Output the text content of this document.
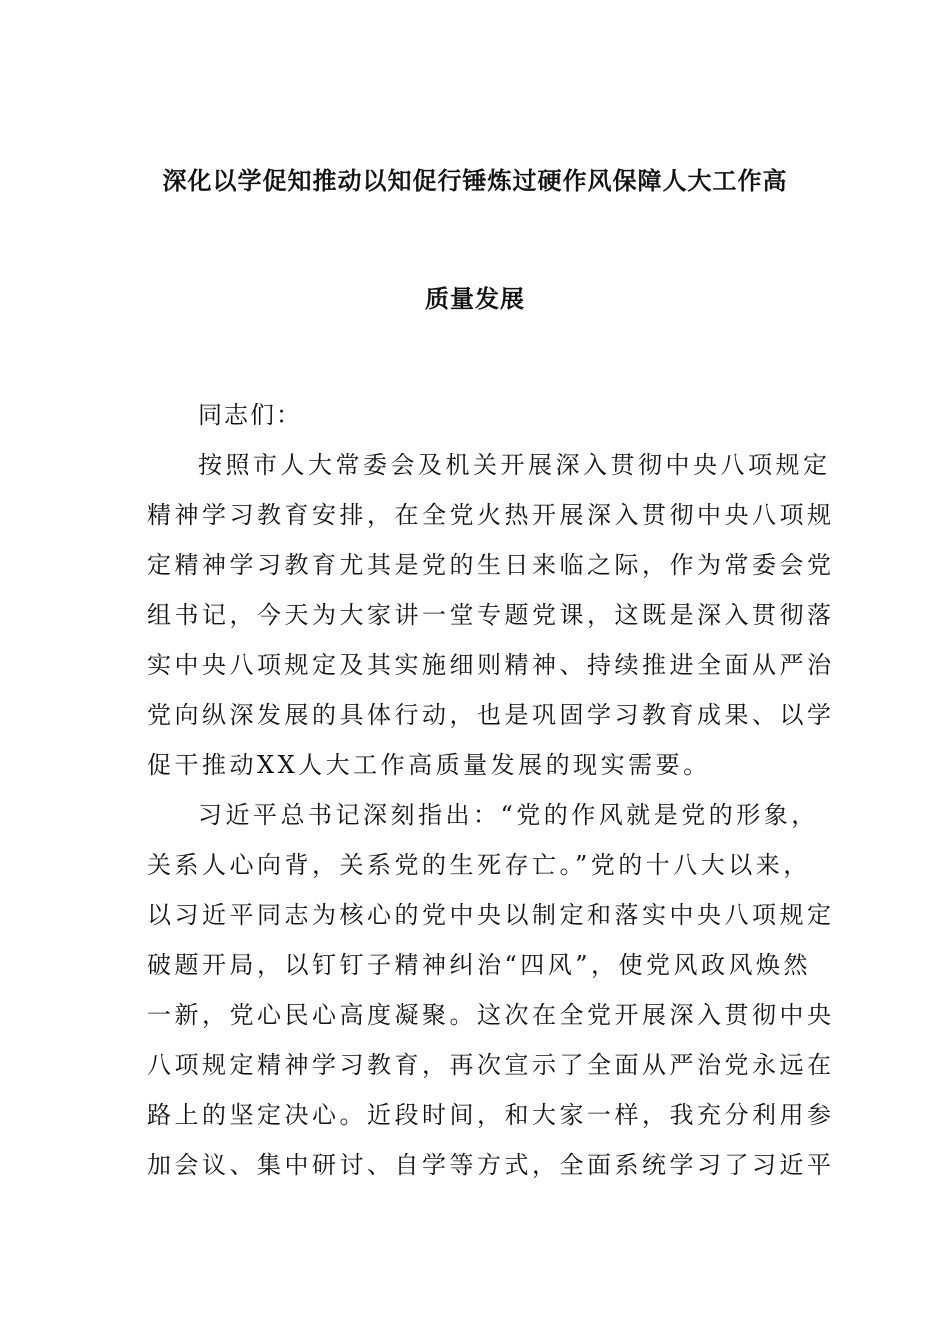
深化以学促知推动以知促行锤炼过硬作风保障人大工作高
质量发展
同志们：
按照市人大常委会及机关开展深入贯彻中央八项规定
精神学习教育安排，在全党火热开展深入贯彻中央八项规
定精神学习教育尤其是党的生日来临之际，作为常委会党
组书记，今天为大家讲一堂专题党课，这既是深入贯彻落
实中央八项规定及其实施细则精神、持续推进全面从严治
党向纵深发展的具体行动，也是巩固学习教育成果、以学
促干推动XX人大工作高质量发展的现实需要。
习近平总书记深刻指出：“党的作风就是党的形象，
关系人心向背，关系党的生死存亡。”党的十八大以来，
以习近平同志为核心的党中央以制定和落实中央八项规定
破题开局，以钉钉子精神纠治“四风”，使党风政风焕然
一新，党心民心高度凝聚。这次在全党开展深入贯彻中央
八项规定精神学习教育，再次宣示了全面从严治党永远在
路上的坚定决心。近段时间，和大家一样，我充分利用参
加会议、集中研讨、自学等方式，全面系统学习了习近平
